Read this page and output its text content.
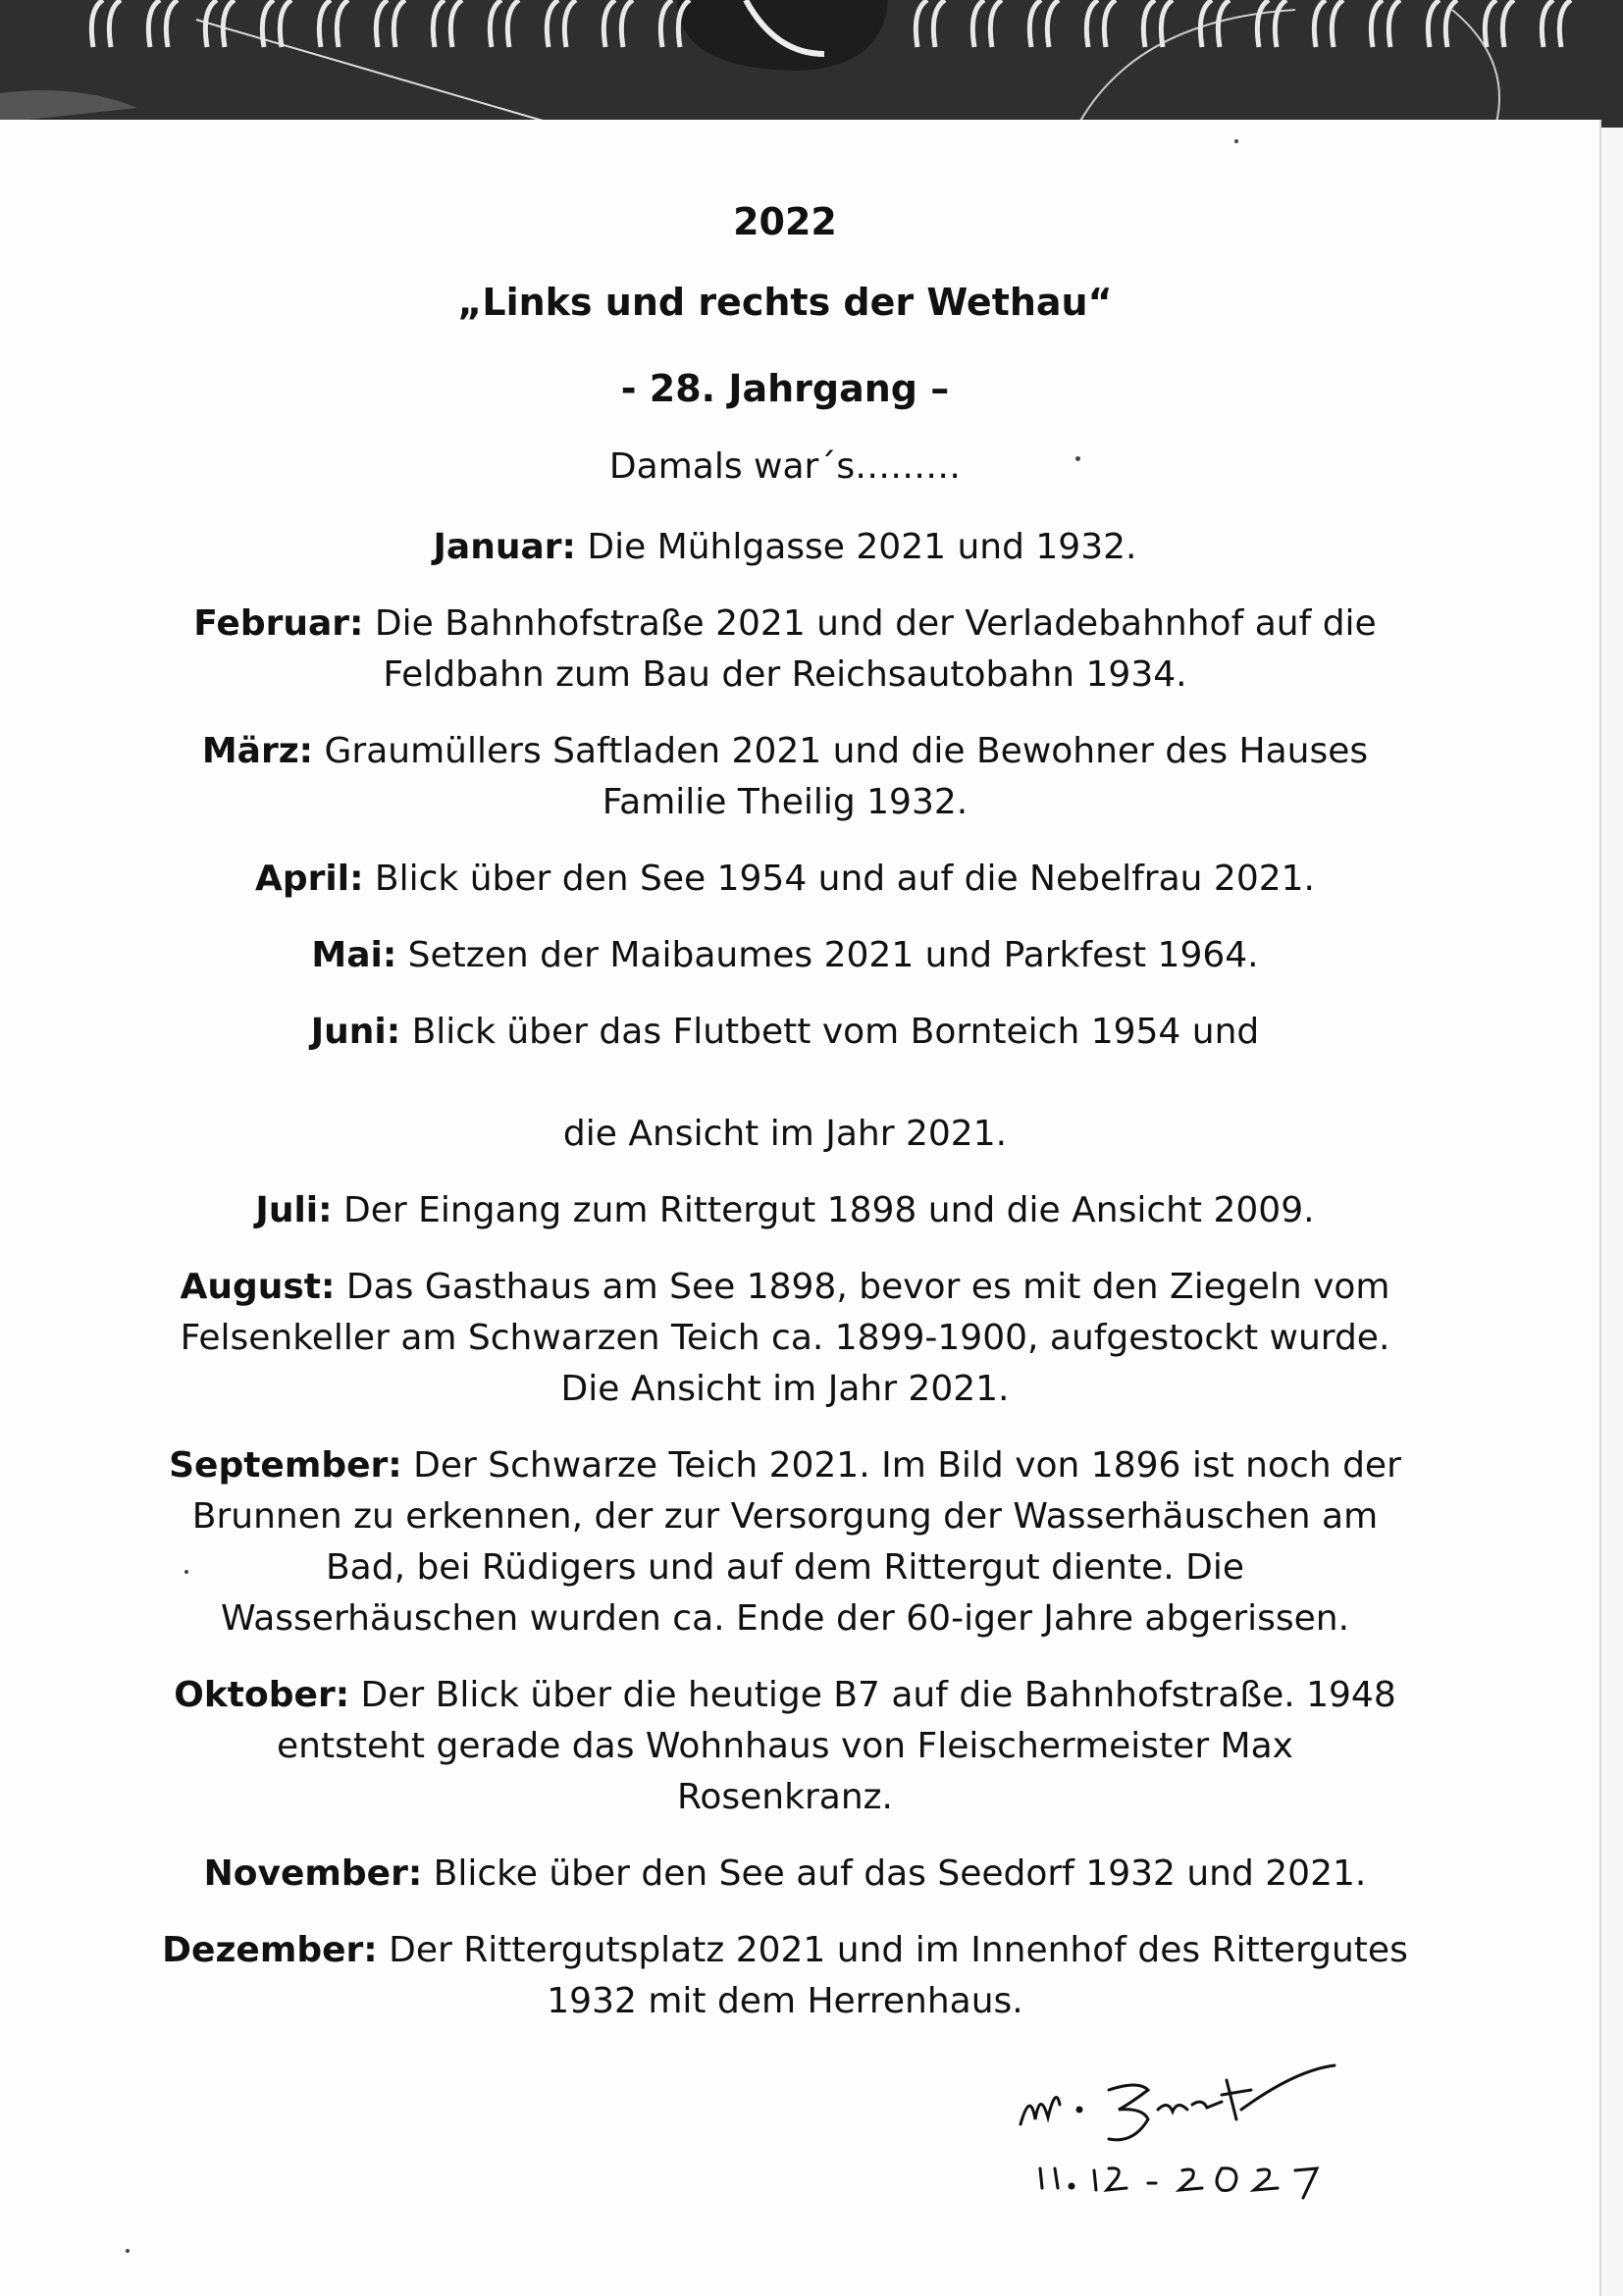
2022

„Links und rechts der Wethau“

- 28. Jahrgang –

Damals war´s………

Januar: Die Mühlgasse 2021 und 1932.

Februar: Die Bahnhofstraße 2021 und der Verladebahnhof auf die

Feldbahn zum Bau der Reichsautobahn 1934.

März: Graumüllers Saftladen 2021 und die Bewohner des Hauses

Familie Theilig 1932.

April: Blick über den See 1954 und auf die Nebelfrau 2021.

Mai: Setzen der Maibaumes 2021 und Parkfest 1964.

Juni: Blick über das Flutbett vom Bornteich 1954 und

die Ansicht im Jahr 2021.

Juli: Der Eingang zum Rittergut 1898 und die Ansicht 2009.

August: Das Gasthaus am See 1898, bevor es mit den Ziegeln vom

Felsenkeller am Schwarzen Teich ca. 1899-1900, aufgestockt wurde.

Die Ansicht im Jahr 2021.

September: Der Schwarze Teich 2021. Im Bild von 1896 ist noch der

Brunnen zu erkennen, der zur Versorgung der Wasserhäuschen am

Bad, bei Rüdigers und auf dem Rittergut diente. Die

Wasserhäuschen wurden ca. Ende der 60-iger Jahre abgerissen.

Oktober: Der Blick über die heutige B7 auf die Bahnhofstraße. 1948

entsteht gerade das Wohnhaus von Fleischermeister Max

Rosenkranz.

November: Blicke über den See auf das Seedorf 1932 und 2021.

Dezember: Der Rittergutsplatz 2021 und im Innenhof des Rittergutes

1932 mit dem Herrenhaus.
